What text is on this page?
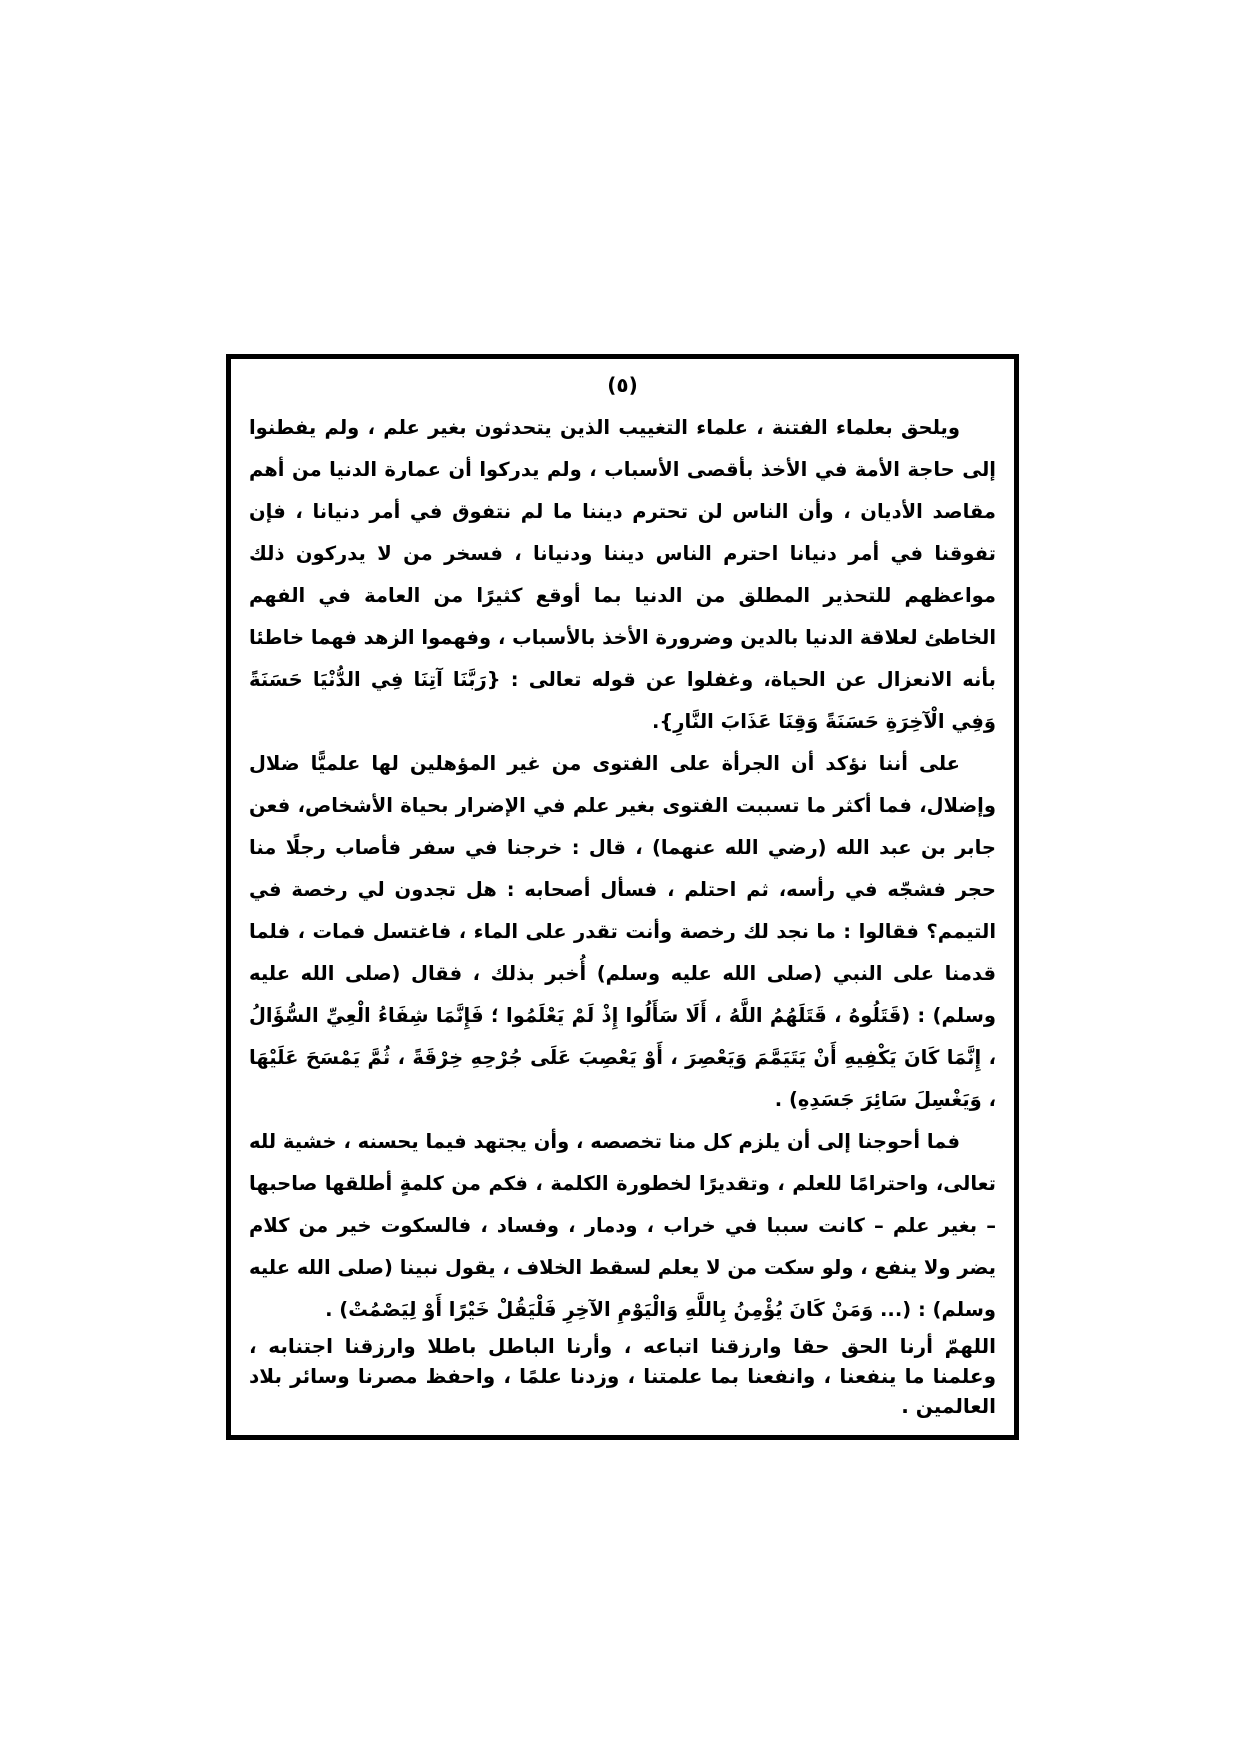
(٥)

ويلحق بعلماء الفتنة ، علماء التغييب الذين يتحدثون بغير علم ، ولم يفطنوا إلى حاجة الأمة في الأخذ بأقصى الأسباب ، ولم يدركوا أن عمارة الدنيا من أهم مقاصد الأديان ، وأن الناس لن تحترم ديننا ما لم نتفوق في أمر دنيانا ، فإن تفوقنا في أمر دنيانا احترم الناس ديننا ودنيانا ، فسخر من لا يدركون ذلك مواعظهم للتحذير المطلق من الدنيا بما أوقع كثيرًا من العامة في الفهم الخاطئ لعلاقة الدنيا بالدين وضرورة الأخذ بالأسباب ، وفهموا الزهد فهما خاطئا بأنه الانعزال عن الحياة، وغفلوا عن قوله تعالى : {رَبَّنَا آتِنَا فِي الدُّنْيَا حَسَنَةً وَفِي الْآخِرَةِ حَسَنَةً وَقِنَا عَذَابَ النَّارِ}.

على أننا نؤكد أن الجرأة على الفتوى من غير المؤهلين لها علميًّا ضلال وإضلال، فما أكثر ما تسببت الفتوى بغير علم في الإضرار بحياة الأشخاص، فعن جابر بن عبد الله (رضي الله عنهما) ، قال : خرجنا في سفر فأصاب رجلًا منا حجر فشجّه في رأسه، ثم احتلم ، فسأل أصحابه : هل تجدون لي رخصة في التيمم؟ فقالوا : ما نجد لك رخصة وأنت تقدر على الماء ، فاغتسل فمات ، فلما قدمنا على النبي (صلى الله عليه وسلم) أُخبر بذلك ، فقال (صلى الله عليه وسلم) : (قَتَلُوهُ ، قَتَلَهُمُ اللَّهُ ، أَلَا سَأَلُوا إِذْ لَمْ يَعْلَمُوا ؛ فَإِنَّمَا شِفَاءُ الْعِيِّ السُّؤَالُ ، إِنَّمَا كَانَ يَكْفِيهِ أَنْ يَتَيَمَّمَ وَيَعْصِرَ ، أَوْ يَعْصِبَ عَلَى جُرْحِهِ خِرْقَةً ، ثُمَّ يَمْسَحَ عَلَيْهَا ، وَيَغْسِلَ سَائِرَ جَسَدِهِ) .

فما أحوجنا إلى أن يلزم كل منا تخصصه ، وأن يجتهد فيما يحسنه ، خشية لله تعالى، واحترامًا للعلم ، وتقديرًا لخطورة الكلمة ، فكم من كلمةٍ أطلقها صاحبها – بغير علم – كانت سببا في خراب ، ودمار ، وفساد ، فالسكوت خير من كلام يضر ولا ينفع ، ولو سكت من لا يعلم لسقط الخلاف ، يقول نبينا (صلى الله عليه وسلم) : (... وَمَنْ كَانَ يُؤْمِنُ بِاللَّهِ وَالْيَوْمِ الآخِرِ فَلْيَقُلْ خَيْرًا أَوْ لِيَصْمُتْ) .

اللهمّ أرنا الحق حقا وارزقنا اتباعه ، وأرنا الباطل باطلا وارزقنا اجتنابه ، وعلمنا ما ينفعنا ، وانفعنا بما علمتنا ، وزدنا علمًا ، واحفظ مصرنا وسائر بلاد العالمين .
